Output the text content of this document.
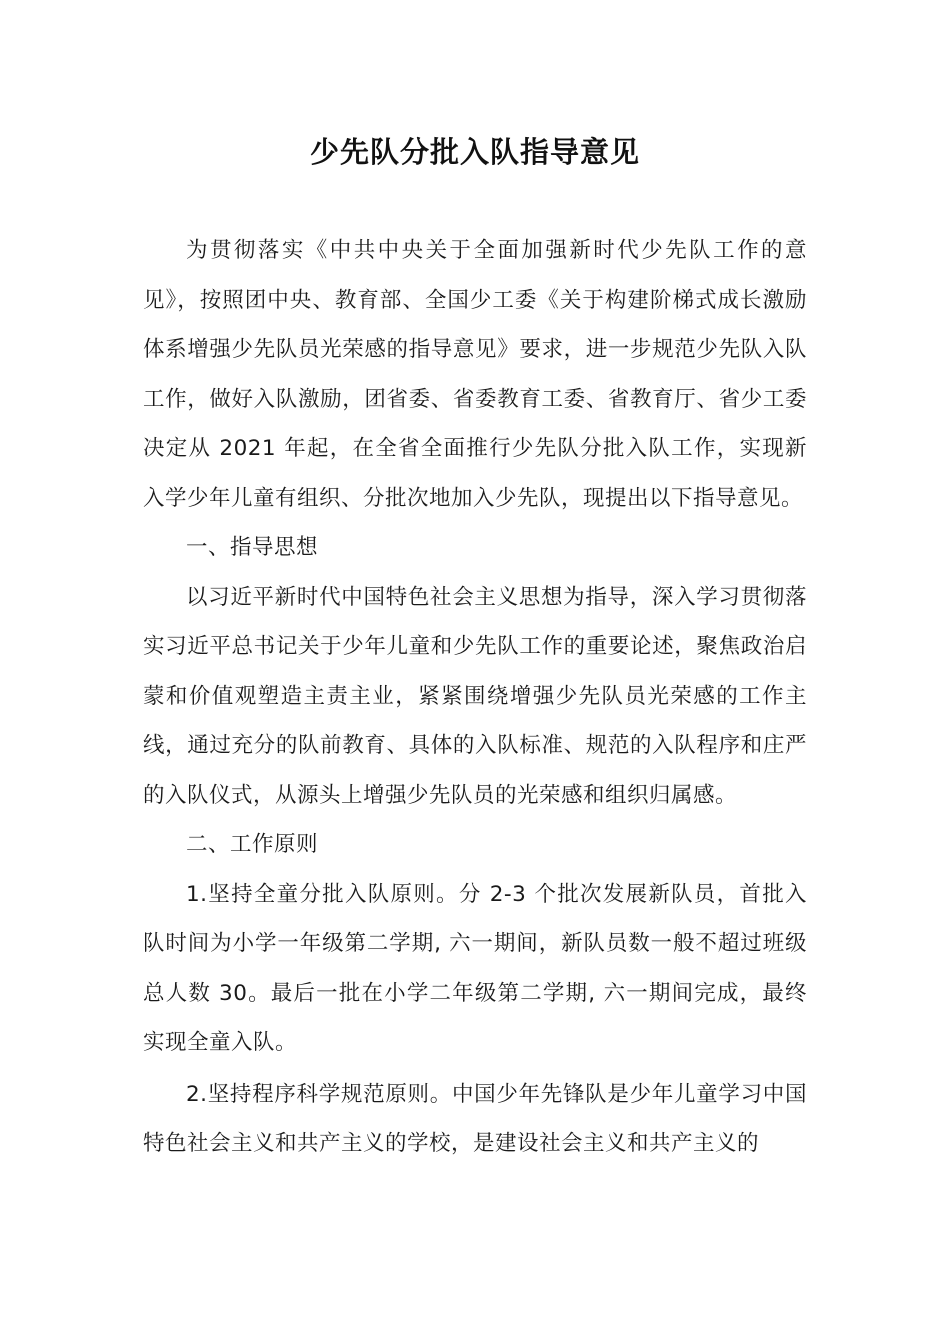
少先队分批入队指导意见

为贯彻落实《中共中央关于全面加强新时代少先队工作的意见》，按照团中央、教育部、全国少工委《关于构建阶梯式成长激励体系增强少先队员光荣感的指导意见》要求，进一步规范少先队入队工作，做好入队激励，团省委、省委教育工委、省教育厅、省少工委决定从 2021 年起，在全省全面推行少先队分批入队工作，实现新入学少年儿童有组织、分批次地加入少先队，现提出以下指导意见。

一、指导思想

以习近平新时代中国特色社会主义思想为指导，深入学习贯彻落实习近平总书记关于少年儿童和少先队工作的重要论述，聚焦政治启蒙和价值观塑造主责主业，紧紧围绕增强少先队员光荣感的工作主线，通过充分的队前教育、具体的入队标准、规范的入队程序和庄严的入队仪式，从源头上增强少先队员的光荣感和组织归属感。

二、工作原则

1.坚持全童分批入队原则。分 2-3 个批次发展新队员，首批入队时间为小学一年级第二学期, 六一期间，新队员数一般不超过班级总人数 30。最后一批在小学二年级第二学期, 六一期间完成，最终实现全童入队。

2.坚持程序科学规范原则。中国少年先锋队是少年儿童学习中国特色社会主义和共产主义的学校，是建设社会主义和共产主义的
